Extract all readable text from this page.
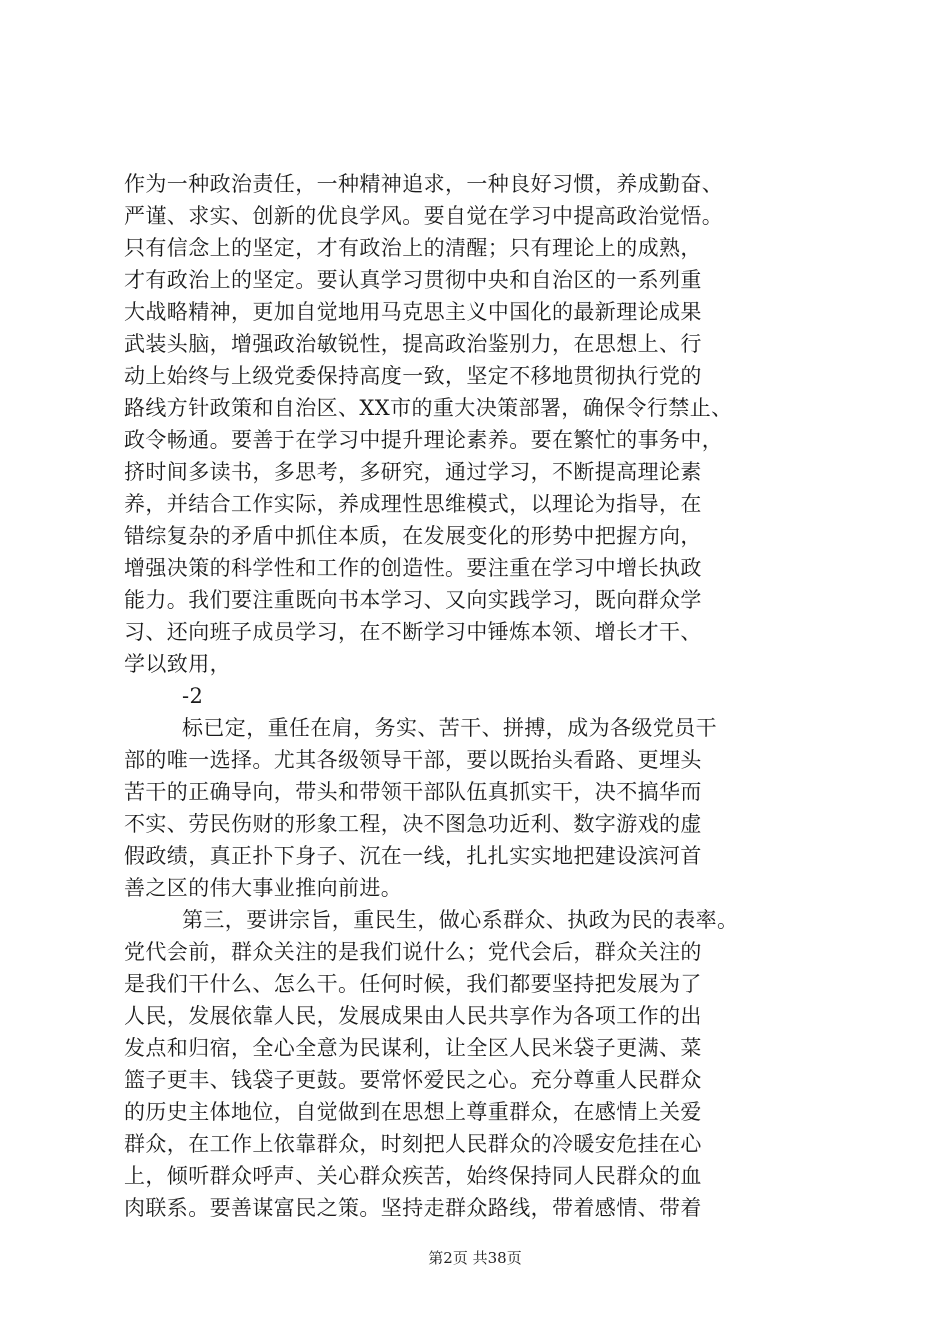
作为一种政治责任，一种精神追求，一种良好习惯，养成勤奋、
严谨、求实、创新的优良学风。要自觉在学习中提高政治觉悟。
只有信念上的坚定，才有政治上的清醒；只有理论上的成熟，
才有政治上的坚定。要认真学习贯彻中央和自治区的一系列重
大战略精神，更加自觉地用马克思主义中国化的最新理论成果
武装头脑，增强政治敏锐性，提高政治鉴别力，在思想上、行
动上始终与上级党委保持高度一致，坚定不移地贯彻执行党的
路线方针政策和自治区、XX市的重大决策部署，确保令行禁止、
政令畅通。要善于在学习中提升理论素养。要在繁忙的事务中，
挤时间多读书，多思考，多研究，通过学习，不断提高理论素
养，并结合工作实际，养成理性思维模式，以理论为指导，在
错综复杂的矛盾中抓住本质，在发展变化的形势中把握方向，
增强决策的科学性和工作的创造性。要注重在学习中增长执政
能力。我们要注重既向书本学习、又向实践学习，既向群众学
习、还向班子成员学习，在不断学习中锤炼本领、增长才干、
学以致用，
-2
标已定，重任在肩，务实、苦干、拼搏，成为各级党员干
部的唯一选择。尤其各级领导干部，要以既抬头看路、更埋头
苦干的正确导向，带头和带领干部队伍真抓实干，决不搞华而
不实、劳民伤财的形象工程，决不图急功近利、数字游戏的虚
假政绩，真正扑下身子、沉在一线，扎扎实实地把建设滨河首
善之区的伟大事业推向前进。
第三，要讲宗旨，重民生，做心系群众、执政为民的表率。
党代会前，群众关注的是我们说什么；党代会后，群众关注的
是我们干什么、怎么干。任何时候，我们都要坚持把发展为了
人民，发展依靠人民，发展成果由人民共享作为各项工作的出
发点和归宿，全心全意为民谋利，让全区人民米袋子更满、菜
篮子更丰、钱袋子更鼓。要常怀爱民之心。充分尊重人民群众
的历史主体地位，自觉做到在思想上尊重群众，在感情上关爱
群众，在工作上依靠群众，时刻把人民群众的冷暖安危挂在心
上，倾听群众呼声、关心群众疾苦，始终保持同人民群众的血
肉联系。要善谋富民之策。坚持走群众路线，带着感情、带着
第2页 共38页
